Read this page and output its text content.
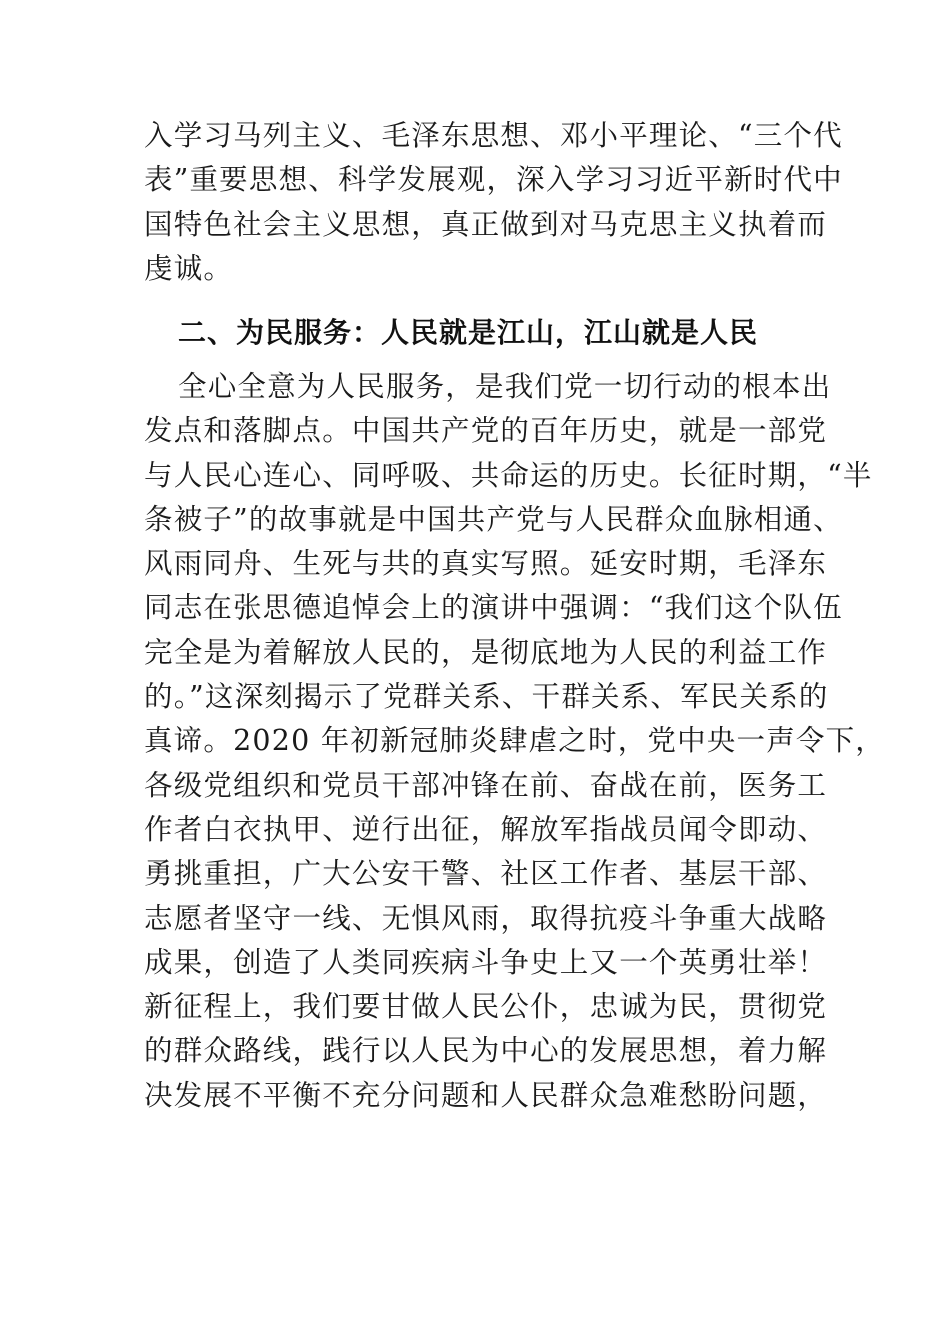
入学习马列主义、毛泽东思想、邓小平理论、“三个代
表”重要思想、科学发展观，深入学习习近平新时代中
国特色社会主义思想，真正做到对马克思主义执着而
虔诚。
二、为民服务：人民就是江山，江山就是人民
全心全意为人民服务，是我们党一切行动的根本出
发点和落脚点。中国共产党的百年历史，就是一部党
与人民心连心、同呼吸、共命运的历史。长征时期，“半
条被子”的故事就是中国共产党与人民群众血脉相通、
风雨同舟、生死与共的真实写照。延安时期，毛泽东
同志在张思德追悼会上的演讲中强调：“我们这个队伍
完全是为着解放人民的，是彻底地为人民的利益工作
的。”这深刻揭示了党群关系、干群关系、军民关系的
真谛。2020 年初新冠肺炎肆虐之时，党中央一声令下，
各级党组织和党员干部冲锋在前、奋战在前，医务工
作者白衣执甲、逆行出征，解放军指战员闻令即动、
勇挑重担，广大公安干警、社区工作者、基层干部、
志愿者坚守一线、无惧风雨，取得抗疫斗争重大战略
成果，创造了人类同疾病斗争史上又一个英勇壮举！
新征程上，我们要甘做人民公仆，忠诚为民，贯彻党
的群众路线，践行以人民为中心的发展思想，着力解
决发展不平衡不充分问题和人民群众急难愁盼问题，
